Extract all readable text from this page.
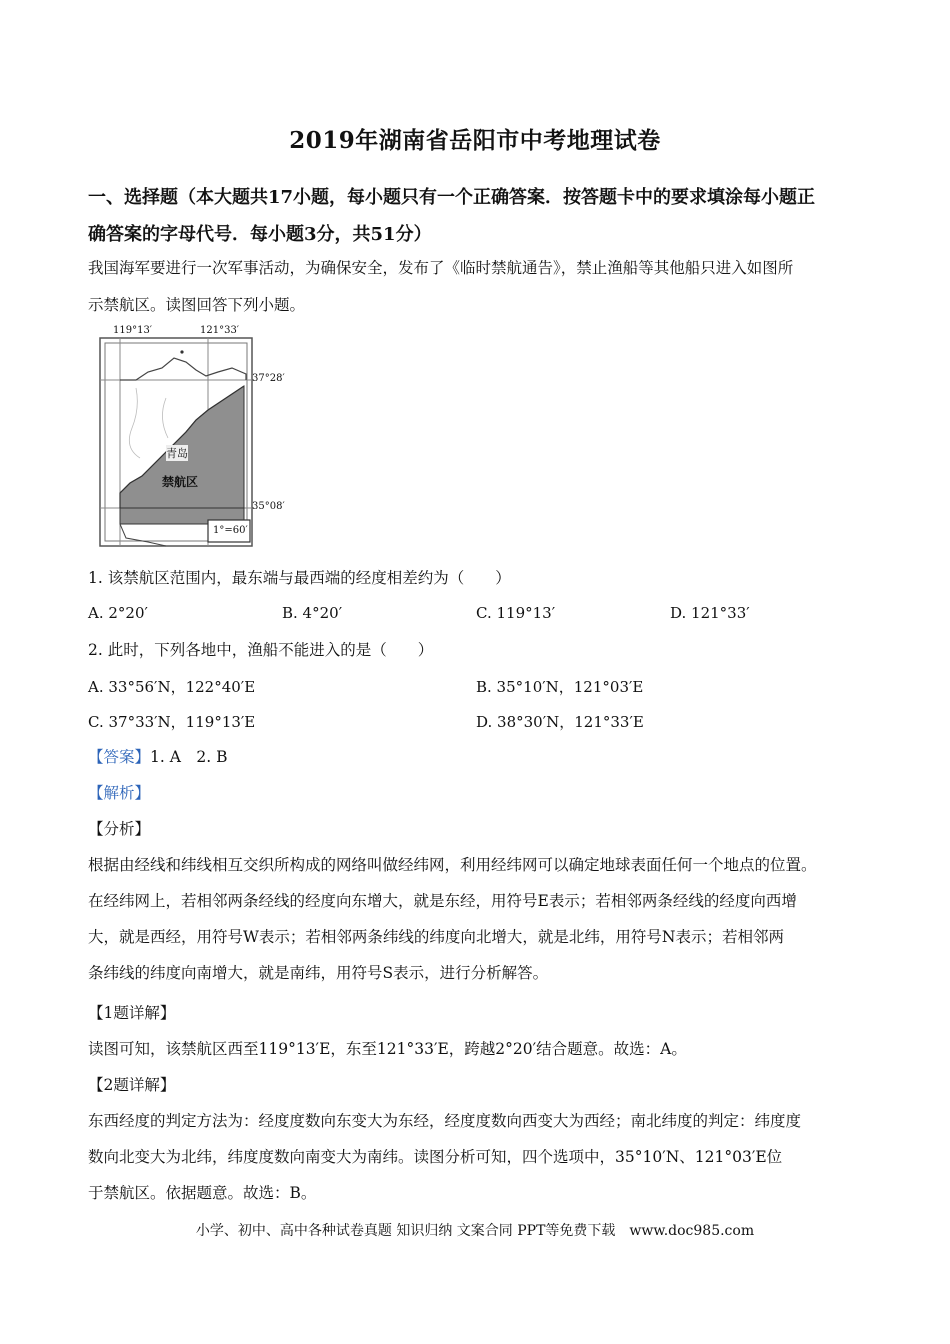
2019年湖南省岳阳市中考地理试卷
一、选择题（本大题共17小题，每小题只有一个正确答案．按答题卡中的要求填涂每小题正
确答案的字母代号．每小题3分，共51分）
我国海军要进行一次军事活动，为确保安全，发布了《临时禁航通告》，禁止渔船等其他船只进入如图所
示禁航区。读图回答下列小题。
119°13′	121°33′
37°28′
35°08′
青岛
禁航区
1°=60′
1. 该禁航区范围内，最东端与最西端的经度相差约为（　　）
A. 2°20′	B. 4°20′	C. 119°13′	D. 121°33′
2. 此时，下列各地中，渔船不能进入的是（　　）
A. 33°56′N，122°40′E	B. 35°10′N，121°03′E
C. 37°33′N，119°13′E	D. 38°30′N，121°33′E
【答案】1. A　2. B
【解析】
【分析】
根据由经线和纬线相互交织所构成的网络叫做经纬网，利用经纬网可以确定地球表面任何一个地点的位置。
在经纬网上，若相邻两条经线的经度向东增大，就是东经，用符号E表示；若相邻两条经线的经度向西增
大，就是西经，用符号W表示；若相邻两条纬线的纬度向北增大，就是北纬，用符号N表示；若相邻两
条纬线的纬度向南增大，就是南纬，用符号S表示，进行分析解答。
【1题详解】
读图可知，该禁航区西至119°13′E，东至121°33′E，跨越2°20′结合题意。故选：A。
【2题详解】
东西经度的判定方法为：经度度数向东变大为东经，经度度数向西变大为西经；南北纬度的判定：纬度度
数向北变大为北纬，纬度度数向南变大为南纬。读图分析可知，四个选项中，35°10′N、121°03′E位
于禁航区。依据题意。故选：B。
小学、初中、高中各种试卷真题 知识归纳 文案合同 PPT等免费下载　www.doc985.com
